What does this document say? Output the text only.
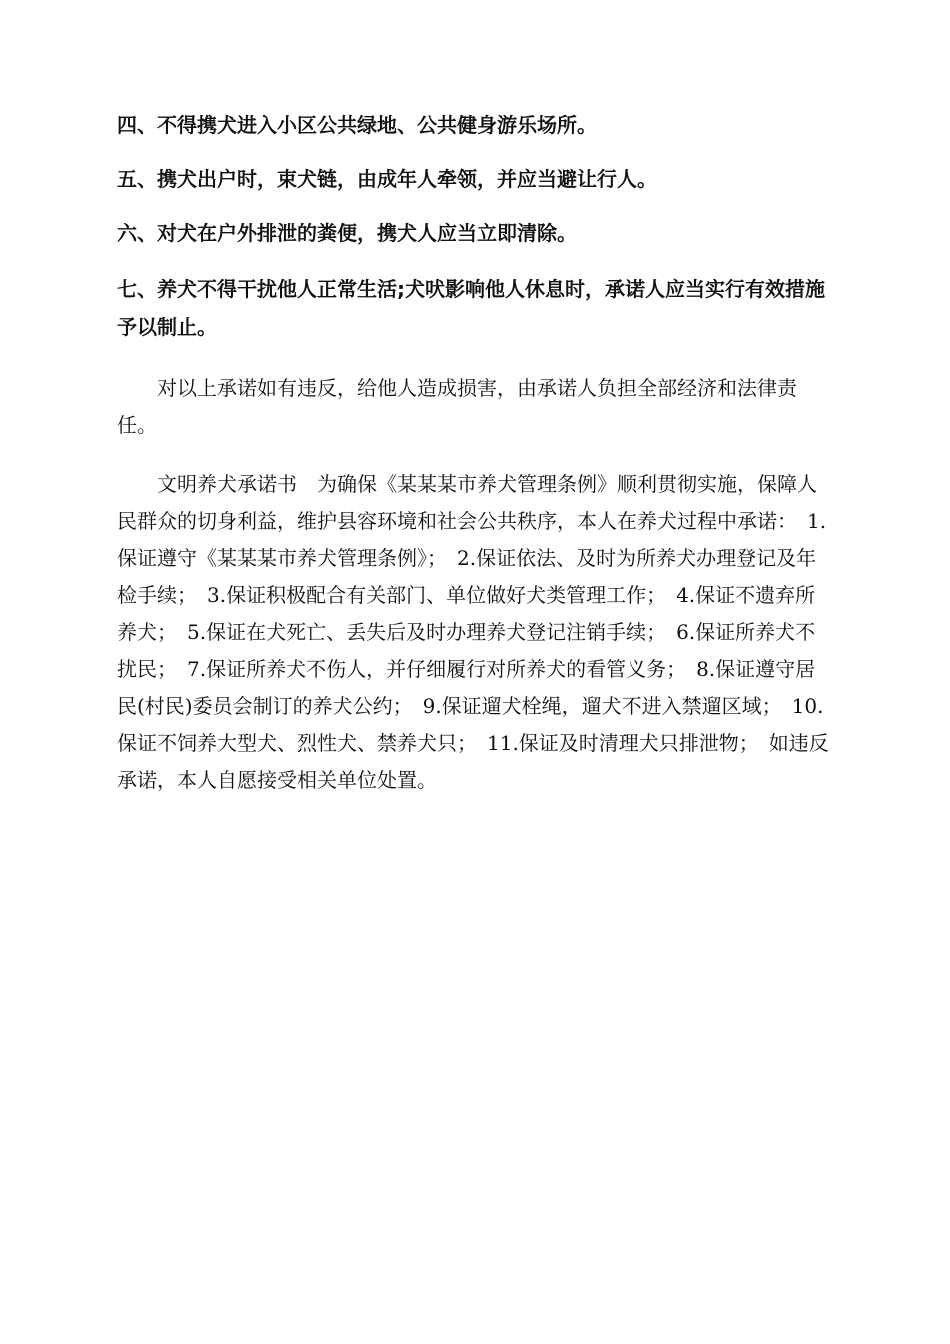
四、不得携犬进入小区公共绿地、公共健身游乐场所。

五、携犬出户时，束犬链，由成年人牵领，并应当避让行人。

六、对犬在户外排泄的粪便，携犬人应当立即清除。

七、养犬不得干扰他人正常生活;犬吠影响他人休息时，承诺人应当实行有效措施予以制止。

对以上承诺如有违反，给他人造成损害，由承诺人负担全部经济和法律责任。

文明养犬承诺书　为确保《某某某市养犬管理条例》顺利贯彻实施，保障人民群众的切身利益，维护县容环境和社会公共秩序，本人在养犬过程中承诺：　1.保证遵守《某某某市养犬管理条例》；　2.保证依法、及时为所养犬办理登记及年检手续；　3.保证积极配合有关部门、单位做好犬类管理工作；　4.保证不遗弃所养犬；　5.保证在犬死亡、丢失后及时办理养犬登记注销手续；　6.保证所养犬不扰民；　7.保证所养犬不伤人，并仔细履行对所养犬的看管义务；　8.保证遵守居民(村民)委员会制订的养犬公约；　9.保证遛犬栓绳，遛犬不进入禁遛区域；　10.保证不饲养大型犬、烈性犬、禁养犬只；　11.保证及时清理犬只排泄物；　如违反承诺，本人自愿接受相关单位处置。
